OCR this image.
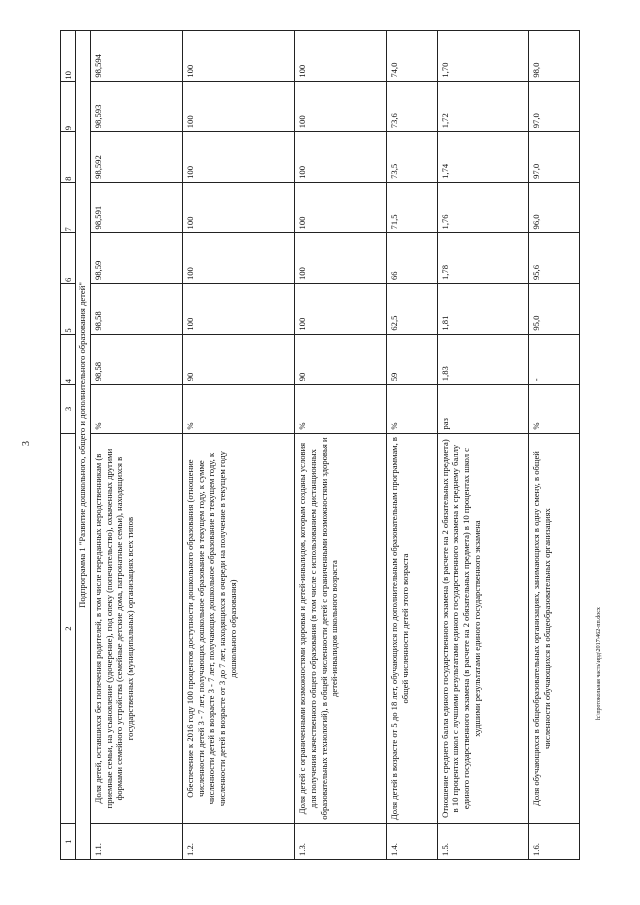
3
1	2	3	4	5	6	7	8	9	10
Подпрограмма 1 "Развитие дошкольного, общего и дополнительного образования детей"									
1.1.	Доля детей, оставшихся без попечения родителей, в том числе переданных неродственникам (в приемные семьи, на усыновление (удочерение), под опеку (попечительство), охваченных другими формами семейного устройства (семейные детские дома, патронатные семьи), находящихся в государственных (муниципальных) организациях всех типов	%	98,58	98,58	98,59	98,591	98,592	98,593	98,594
1.2.	Обеспечение к 2016 году 100 процентов доступности дошкольного образования (отношение численности детей 3 - 7 лет, получающих дошкольное образование в текущем году, к сумме численности детей в возрасте 3 - 7 лет, получающих дошкольное образование в текущем году, к численности детей в возрасте от 3 до 7 лет, находящихся в очереди на получение в текущем году дошкольного образования)	%	90	100	100	100	100	100	100
1.3.	Доля детей с ограниченными возможностями здоровья и детей-инвалидов, которым созданы условия для получения качественного общего образования (в том числе с использованием дистанционных образовательных технологий), в общей численности детей с ограниченными возможностями здоровья и детей-инвалидов школьного возраста	%	90	100	100	100	100	100	100
1.4.	Доля детей в возрасте от 5 до 18 лет, обучающихся по дополнительным образовательным программам, в общей численности детей этого возраста	%	59	62,5	66	71,5	73,5	73,6	74,0
1.5.	Отношение среднего балла единого государственного экзамена (в расчете на 2 обязательных предмета) в 10 процентах школ с лучшими результатами единого государственного экзамена к среднему баллу единого государственного экзамена (в расчете на 2 обязательных предмета) в 10 процентах школ с худшими результатами единого государственного экзамена	раз	1,83	1,81	1,78	1,76	1,74	1,72	1,70
1.6.	Доля обучающихся в общеобразовательных организациях, занимающихся в одну смену, в общей численности обучающихся в общеобразовательных организациях	%	-	95,0	95,6	96,0	97,0	97,0	98,0
h:\протокольная часть\ирд\2017\462-пп.docx
